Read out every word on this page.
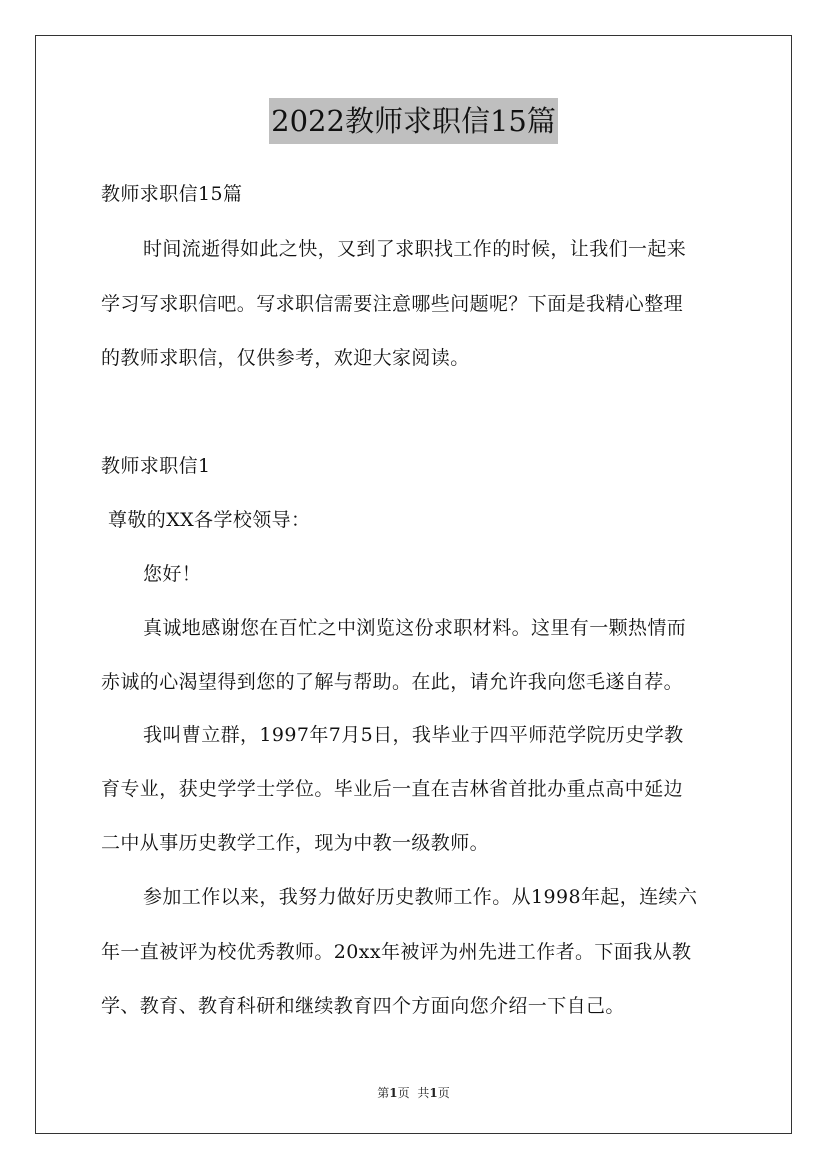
2022教师求职信15篇
教师求职信15篇
时间流逝得如此之快，又到了求职找工作的时候，让我们一起来
学习写求职信吧。写求职信需要注意哪些问题呢？下面是我精心整理
的教师求职信，仅供参考，欢迎大家阅读。
教师求职信1
尊敬的XX各学校领导：
您好！
真诚地感谢您在百忙之中浏览这份求职材料。这里有一颗热情而
赤诚的心渴望得到您的了解与帮助。在此，请允许我向您毛遂自荐。
我叫曹立群，1997年7月5日，我毕业于四平师范学院历史学教
育专业，获史学学士学位。毕业后一直在吉林省首批办重点高中延边
二中从事历史教学工作，现为中教一级教师。
参加工作以来，我努力做好历史教师工作。从1998年起，连续六
年一直被评为校优秀教师。20xx年被评为州先进工作者。下面我从教
学、教育、教育科研和继续教育四个方面向您介绍一下自己。
第1页 共1页
